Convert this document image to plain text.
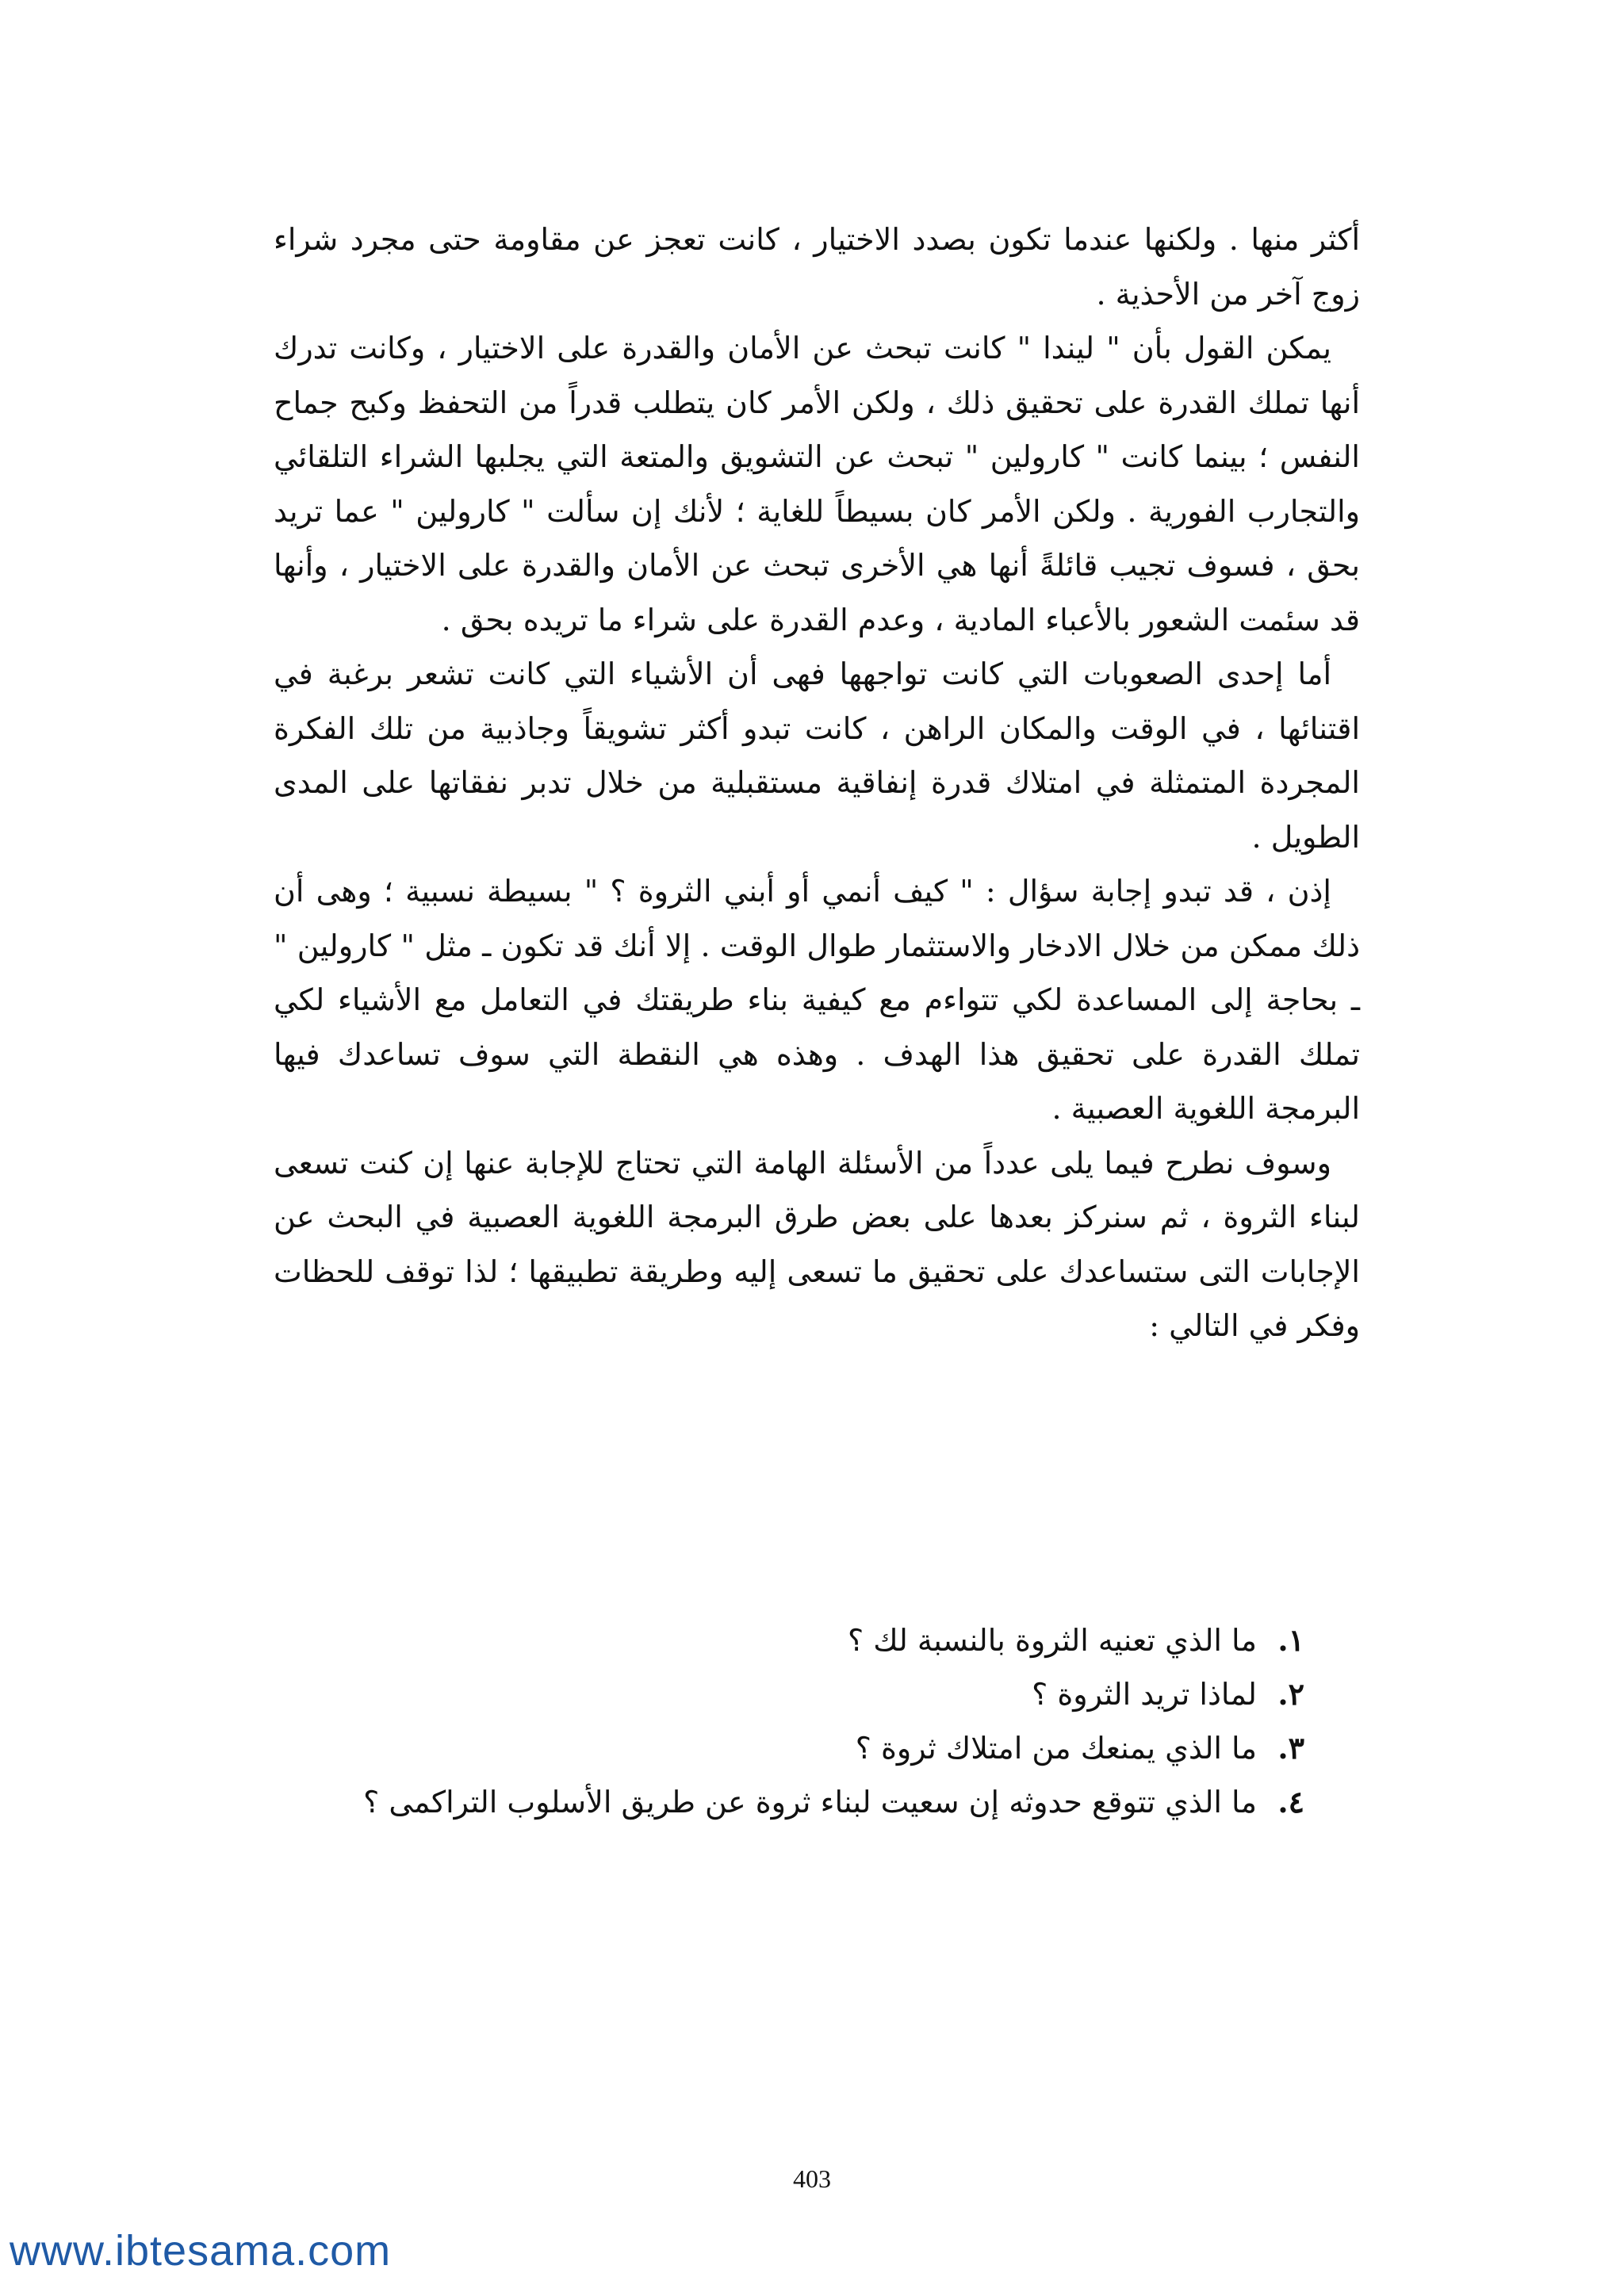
أكثر منها . ولكنها عندما تكون بصدد الاختيار ، كانت تعجز عن مقاومة حتى مجرد شراء زوج آخر من الأحذية .

يمكن القول بأن " ليندا " كانت تبحث عن الأمان والقدرة على الاختيار ، وكانت تدرك أنها تملك القدرة على تحقيق ذلك ، ولكن الأمر كان يتطلب قدراً من التحفظ وكبح جماح النفس ؛ بينما كانت " كارولين " تبحث عن التشويق والمتعة التي يجلبها الشراء التلقائي والتجارب الفورية . ولكن الأمر كان بسيطاً للغاية ؛ لأنك إن سألت " كارولين " عما تريد بحق ، فسوف تجيب قائلةً أنها هي الأخرى تبحث عن الأمان والقدرة على الاختيار ، وأنها قد سئمت الشعور بالأعباء المادية ، وعدم القدرة على شراء ما تريده بحق .

أما إحدى الصعوبات التي كانت تواجهها فهى أن الأشياء التي كانت تشعر برغبة في اقتنائها ، في الوقت والمكان الراهن ، كانت تبدو أكثر تشويقاً وجاذبية من تلك الفكرة المجردة المتمثلة في امتلاك قدرة إنفاقية مستقبلية من خلال تدبر نفقاتها على المدى الطويل .

إذن ، قد تبدو إجابة سؤال : " كيف أنمي أو أبني الثروة ؟ " بسيطة نسبية ؛ وهى أن ذلك ممكن من خلال الادخار والاستثمار طوال الوقت . إلا أنك قد تكون ـ مثل " كارولين " ـ بحاجة إلى المساعدة لكي تتواءم مع كيفية بناء طريقتك في التعامل مع الأشياء لكي تملك القدرة على تحقيق هذا الهدف . وهذه هي النقطة التي سوف تساعدك فيها البرمجة اللغوية العصبية .

وسوف نطرح فيما يلى عدداً من الأسئلة الهامة التي تحتاج للإجابة عنها إن كنت تسعى لبناء الثروة ، ثم سنركز بعدها على بعض طرق البرمجة اللغوية العصبية في البحث عن الإجابات التى ستساعدك على تحقيق ما تسعى إليه وطريقة تطبيقها ؛ لذا توقف للحظات وفكر في التالي :

١.
ما الذي تعنيه الثروة بالنسبة لك ؟
٢.
لماذا تريد الثروة ؟
٣.
ما الذي يمنعك من امتلاك ثروة ؟
٤.
ما الذي تتوقع حدوثه إن سعيت لبناء ثروة عن طريق الأسلوب التراكمى ؟
403
www.ibtesama.com
